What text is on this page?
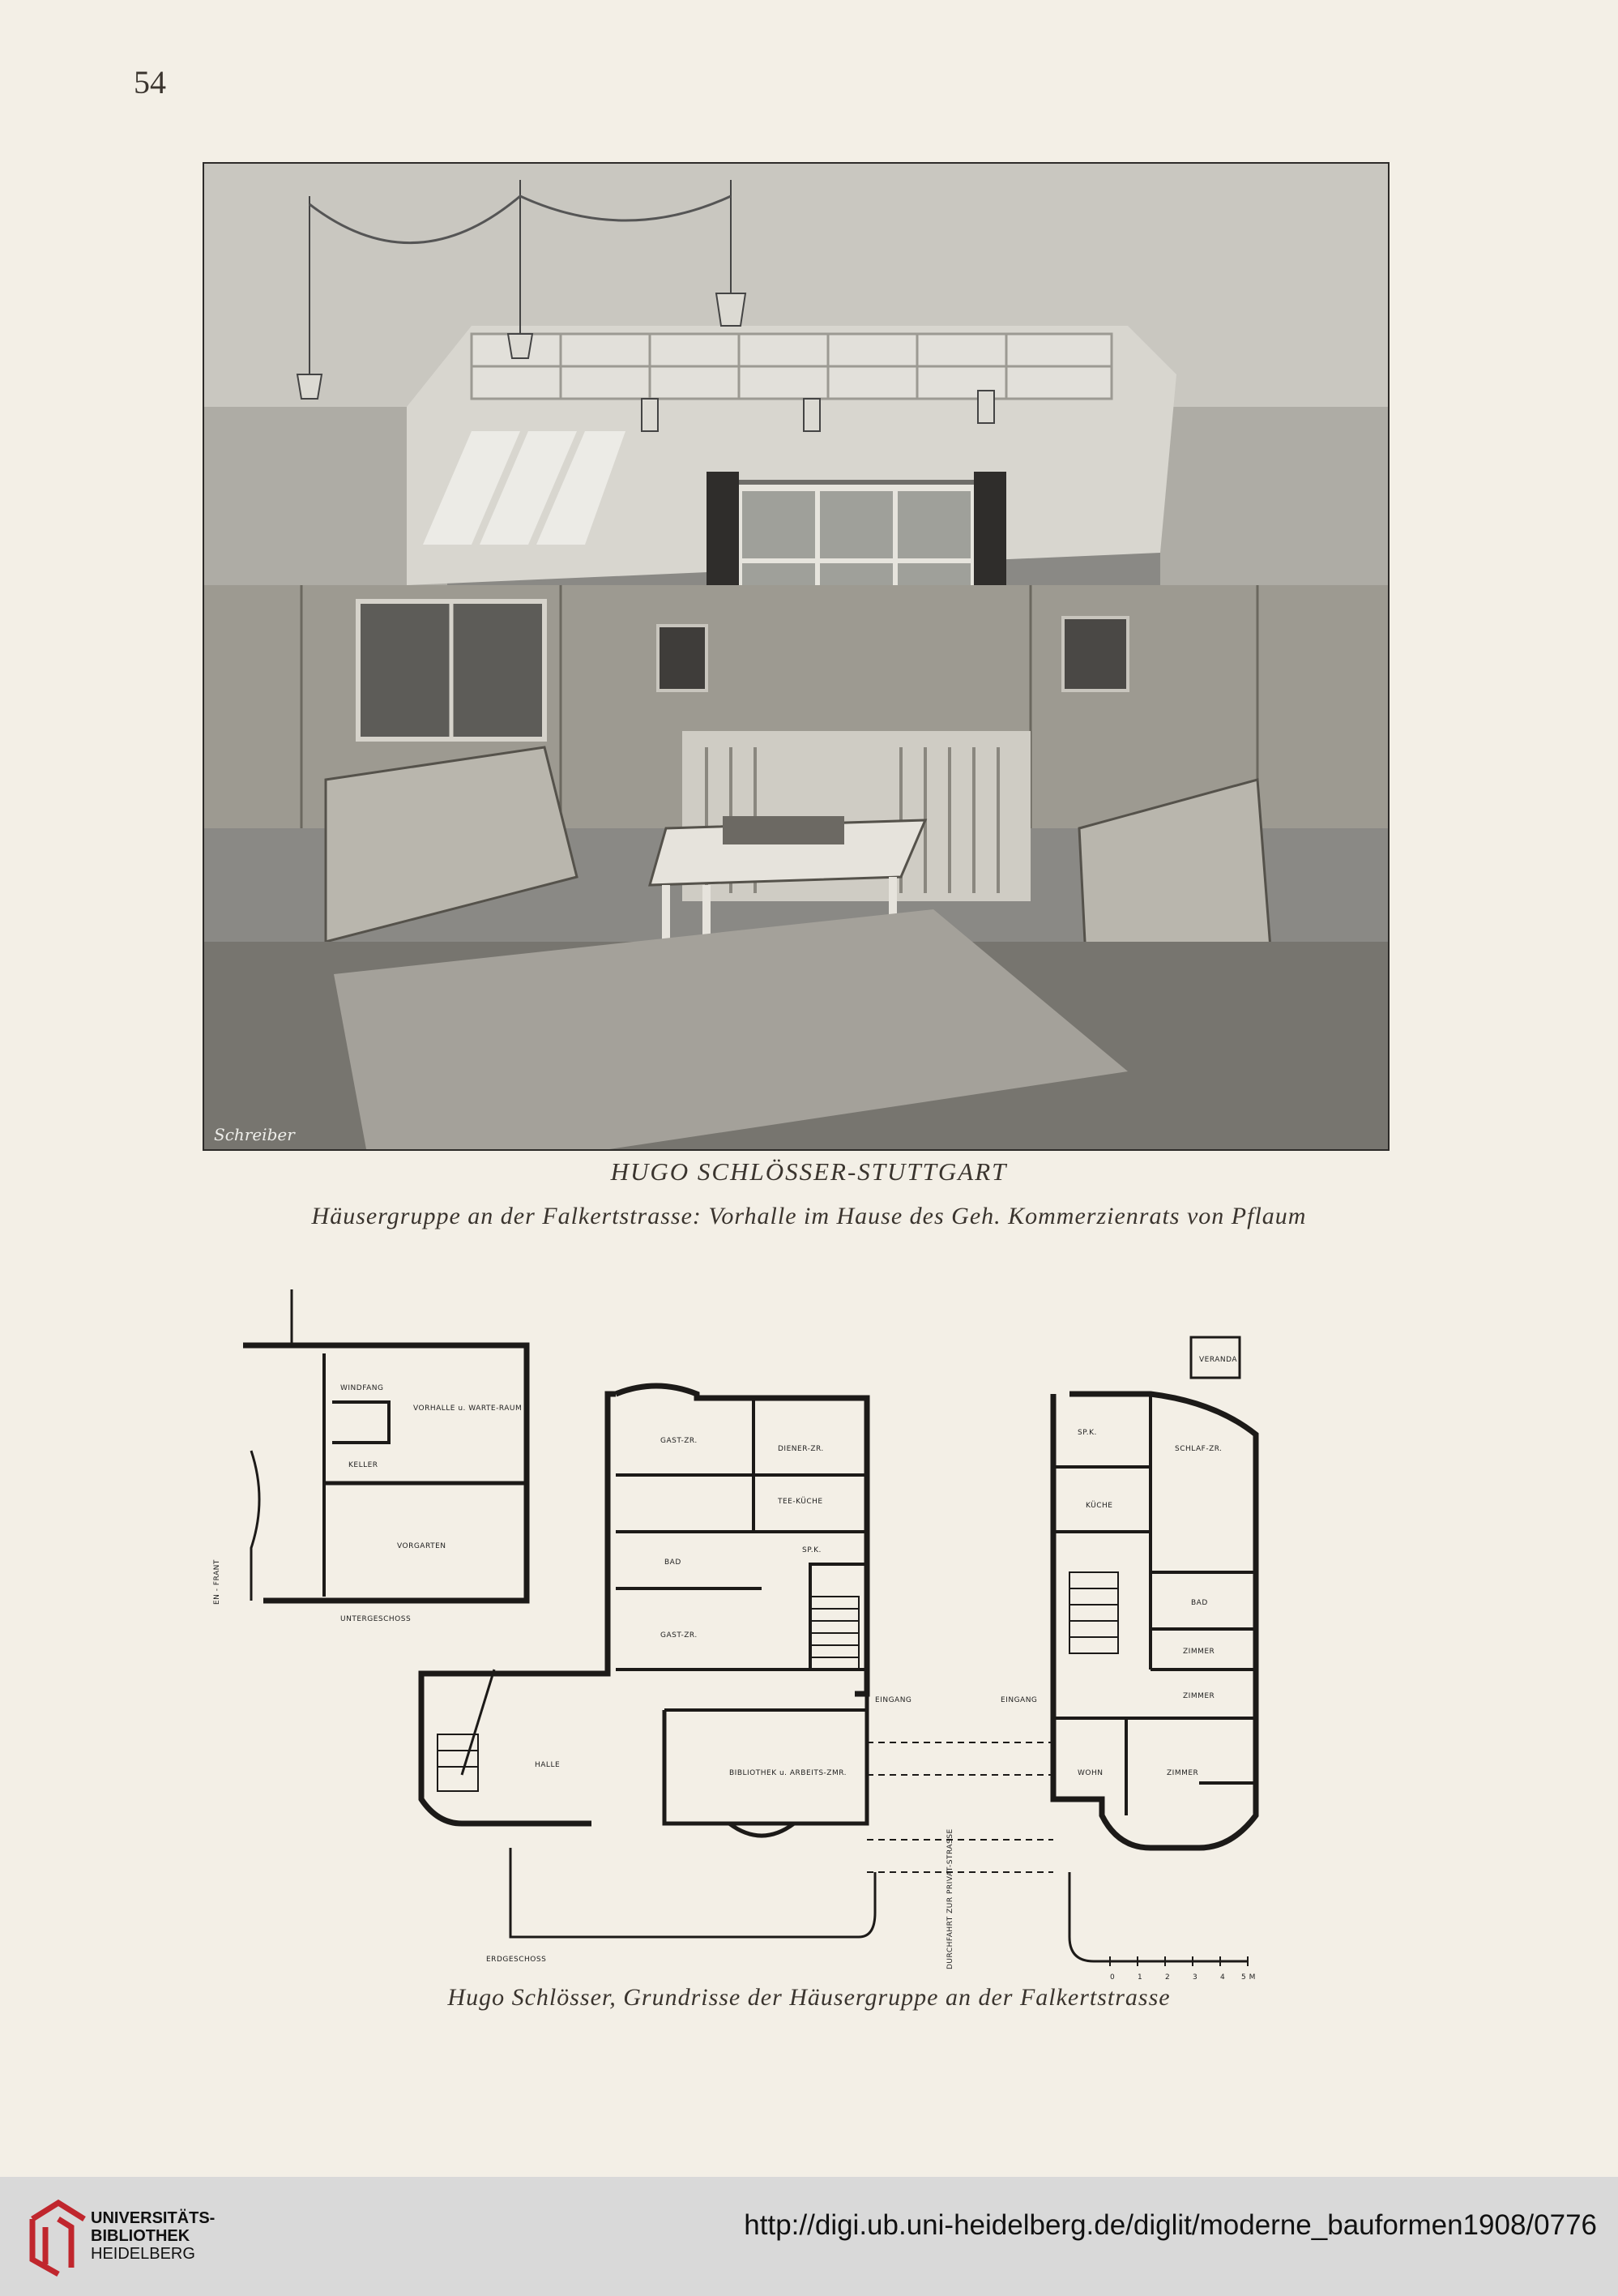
54
Schreiber
HUGO SCHLÖSSER-STUTTGART
Häusergruppe an der Falkertstrasse: Vorhalle im Hause des Geh. Kommerzienrats von Pflaum
0	1	2	3	4 5 M
WINDFANG
VORHALLE u. WARTE-RAUM
KELLER
VORGARTEN
UNTERGESCHOSS
EN - FRANT
GAST-ZR.
DIENER-ZR.
TEE-KÜCHE
BAD
SP.K.
GAST-ZR.
EINGANG
BIBLIOTHEK u. ARBEITS-ZMR.
HALLE
ERDGESCHOSS
VERANDA
SP.K.
SCHLAF-ZR.
KÜCHE
BAD
ZIMMER
ZIMMER
EINGANG
WOHN	ZIMMER
DURCHFAHRT ZUR PRIVAT-STRASSE
Hugo Schlösser, Grundrisse der Häusergruppe an der Falkertstrasse
UNIVERSITÄTS-
BIBLIOTHEK
HEIDELBERG
http://digi.ub.uni-heidelberg.de/diglit/moderne_bauformen1908/0776
